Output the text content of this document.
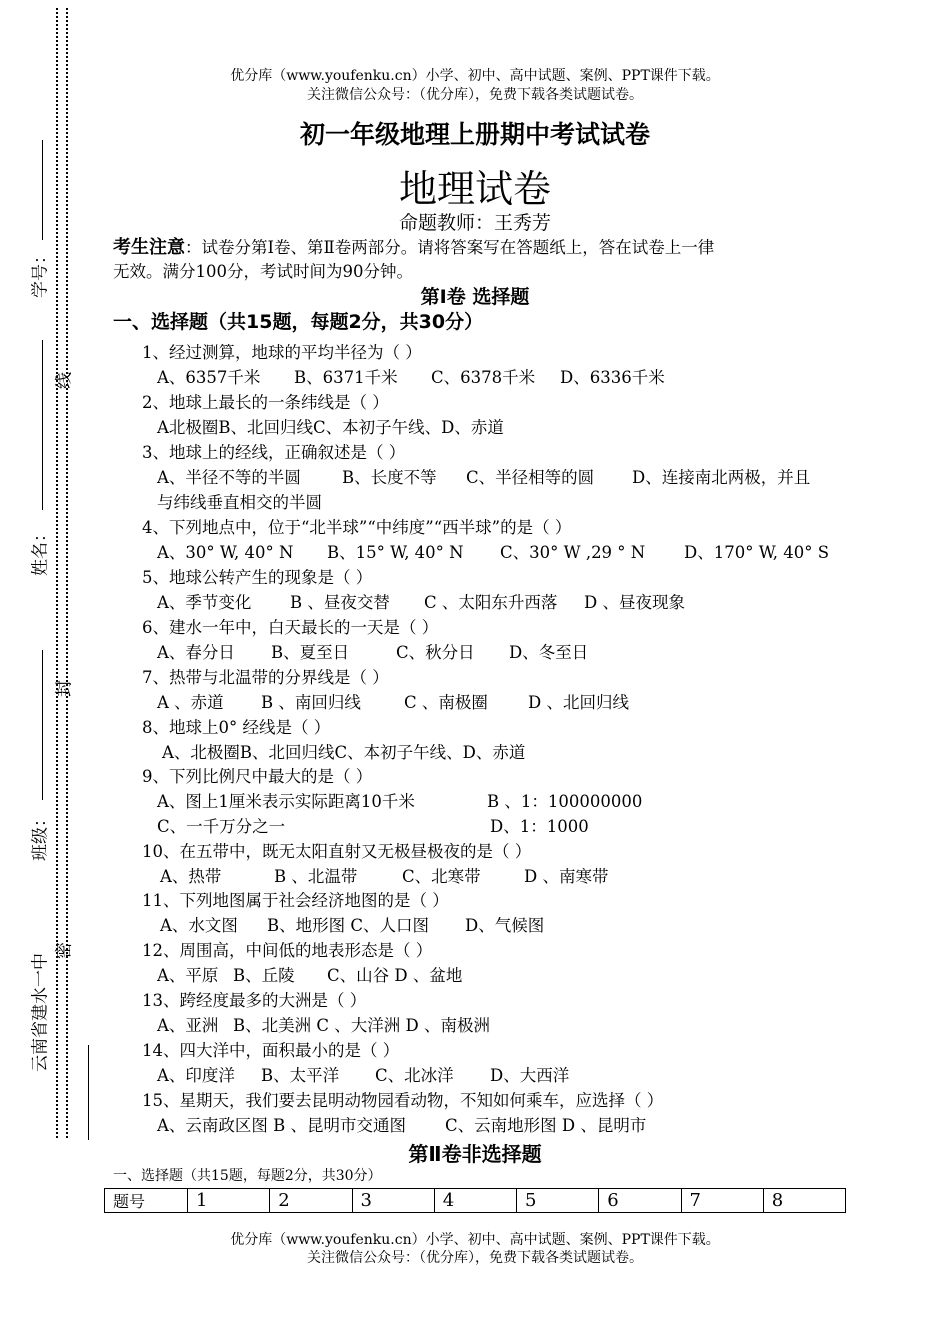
优分库（www.youfenku.cn）小学、初中、高中试题、案例、PPT课件下载。
关注微信公众号：（优分库），免费下载各类试题试卷。
学号：
线
姓名：
封
班级：
密
云南省建水一中
初一年级地理上册期中考试试卷
地理试卷
命题教师：王秀芳
考生注意：试卷分第Ⅰ卷、第Ⅱ卷两部分。请将答案写在答题纸上，答在试卷上一律
无效。满分100分，考试时间为90分钟。
第Ⅰ卷 选择题
一、选择题（共15题，每题2分，共30分）
1、经过测算，地球的平均半径为（ ）
A、6357千米 B、6371千米 C、6378千米 D、6336千米
2、地球上最长的一条纬线是（ ）
A北极圈B、北回归线C、本初子午线、D、赤道
3、地球上的经线，正确叙述是（ ）
A、半径不等的半圆 B、长度不等 C、半径相等的圆 D、连接南北两极，并且
与纬线垂直相交的半圆
4、下列地点中，位于“北半球”“中纬度”“西半球”的是（ ）
A、30° W, 40° N B、15° W, 40° N C、30° W ,29 ° N D、170° W, 40° S
5、地球公转产生的现象是（ ）
A、季节变化 B 、昼夜交替 C 、太阳东升西落 D 、昼夜现象
6、建水一年中，白天最长的一天是（ ）
A、春分日 B、夏至日	C、秋分日 D、冬至日
7、热带与北温带的分界线是（ ）
A 、赤道 B 、南回归线	C 、南极圈 D 、北回归线
8、地球上0° 经线是（ ）
A、北极圈B、北回归线C、本初子午线、D、赤道
9、下列比例尺中最大的是（ ）
A、图上1厘米表示实际距离10千米	B 、1：100000000
C、一千万分之一	D、1：1000
10、在五带中，既无太阳直射又无极昼极夜的是（ ）
A、热带	B 、北温带	C、北寒带	D 、南寒带
11、下列地图属于社会经济地图的是（ ）
A、水文图 B、地形图 C、人口图 D、气候图
12、周围高，中间低的地表形态是（ ）
A、平原 B、丘陵 C、山谷 D 、盆地
13、跨经度最多的大洲是（ ）
A、亚洲 B、北美洲 C 、大洋洲 D 、南极洲
14、四大洋中，面积最小的是（ ）
A、印度洋 B、太平洋 C、北冰洋 D、大西洋
15、星期天，我们要去昆明动物园看动物，不知如何乘车，应选择（ ）
A、云南政区图 B 、昆明市交通图 C、云南地形图 D 、昆明市
第Ⅱ卷非选择题
一、选择题（共15题，每题2分，共30分）
题号	1	2	3	4	5	6	7	8
优分库（www.youfenku.cn）小学、初中、高中试题、案例、PPT课件下载。
关注微信公众号：（优分库），免费下载各类试题试卷。
